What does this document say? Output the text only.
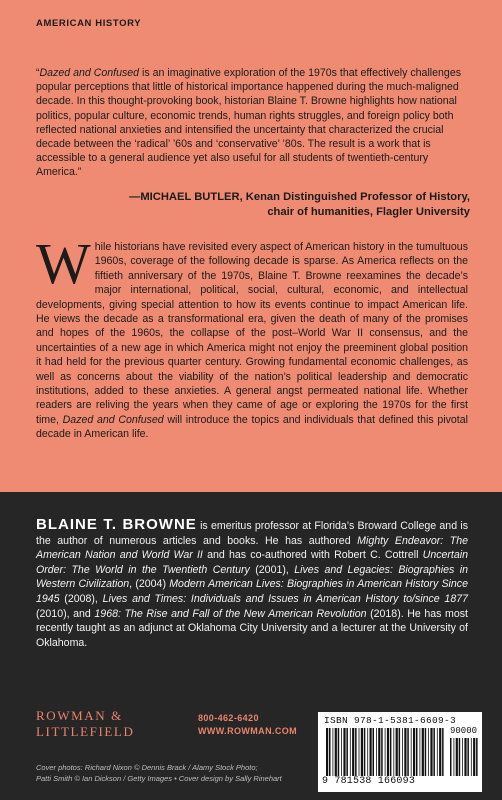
AMERICAN HISTORY
“Dazed and Confused is an imaginative exploration of the 1970s that effectively challenges popular perceptions that little of historical importance happened during the much-maligned decade. In this thought-provoking book, historian Blaine T. Browne highlights how national politics, popular culture, economic trends, human rights struggles, and foreign policy both reflected national anxieties and intensified the uncertainty that characterized the crucial decade between the ‘radical’ ’60s and ‘conservative’ ’80s. The result is a work that is accessible to a general audience yet also useful for all students of twentieth-century America.”
—MICHAEL BUTLER, Kenan Distinguished Professor of History,
chair of humanities, Flagler University
While historians have revisited every aspect of American history in the tumultuous 1960s, coverage of the following decade is sparse. As America reflects on the fiftieth anniversary of the 1970s, Blaine T. Browne reexamines the decade’s major international, political, social, cultural, economic, and intellectual developments, giving special attention to how its events continue to impact American life. He views the decade as a transformational era, given the death of many of the promises and hopes of the 1960s, the collapse of the post–World War II consensus, and the uncertainties of a new age in which America might not enjoy the preeminent global position it had held for the previous quarter century. Growing fundamental economic challenges, as well as concerns about the viability of the nation’s political leadership and democratic institutions, added to these anxieties. A general angst permeated national life. Whether readers are reliving the years when they came of age or exploring the 1970s for the first time, Dazed and Confused will introduce the topics and individuals that defined this pivotal decade in American life.
BLAINE T. BROWNE is emeritus professor at Florida’s Broward College and is the author of numerous articles and books. He has authored Mighty Endeavor: The American Nation and World War II and has co-authored with Robert C. Cottrell Uncertain Order: The World in the Twentieth Century (2001), Lives and Legacies: Biographies in Western Civilization, (2004) Modern American Lives: Biographies in American History Since 1945 (2008), Lives and Times: Individuals and Issues in American History to/since 1877 (2010), and 1968: The Rise and Fall of the New American Revolution (2018). He has most recently taught as an adjunct at Oklahoma City University and a lecturer at the University of Oklahoma.
ROWMAN &
LITTLEFIELD
800-462-6420
WWW.ROWMAN.COM
Cover photos: Richard Nixon © Dennis Brack / Alamy Stock Photo;
Patti Smith © Ian Dickson / Getty Images • Cover design by Sally Rinehart
ISBN 978-1-5381-6609-3
90000
9 781538 166093
